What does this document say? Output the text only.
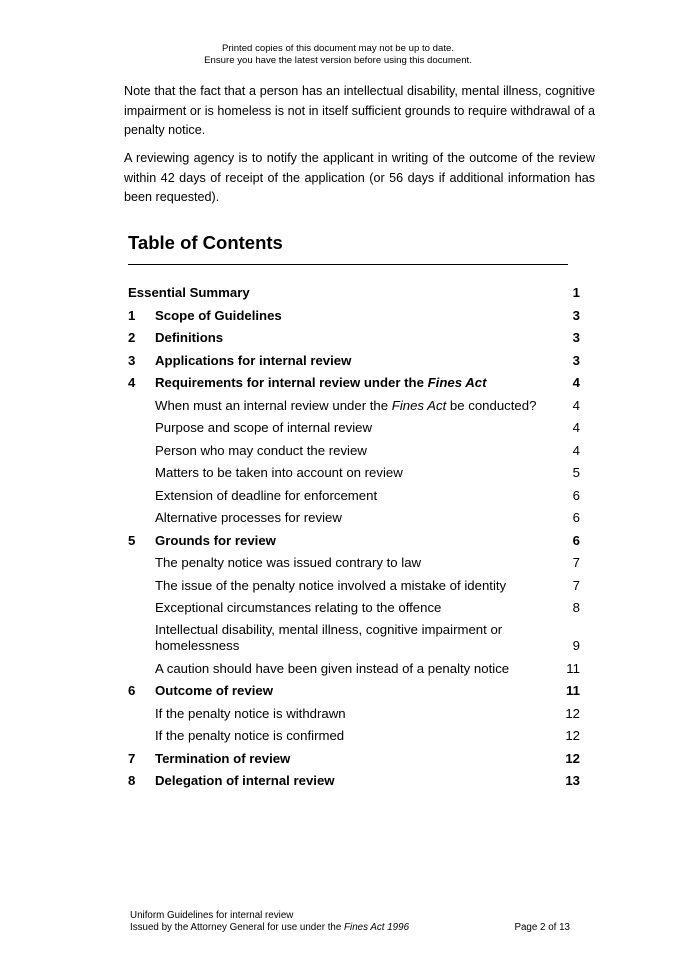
Printed copies of this document may not be up to date.
Ensure you have the latest version before using this document.
Note that the fact that a person has an intellectual disability, mental illness, cognitive impairment or is homeless is not in itself sufficient grounds to require withdrawal of a penalty notice.
A reviewing agency is to notify the applicant in writing of the outcome of the review within 42 days of receipt of the application (or 56 days if additional information has been requested).
Table of Contents
Essential Summary	1
1 Scope of Guidelines	3
2 Definitions	3
3 Applications for internal review	3
4 Requirements for internal review under the Fines Act	4
When must an internal review under the Fines Act be conducted?	4
Purpose and scope of internal review	4
Person who may conduct the review	4
Matters to be taken into account on review	5
Extension of deadline for enforcement	6
Alternative processes for review	6
5 Grounds for review	6
The penalty notice was issued contrary to law	7
The issue of the penalty notice involved a mistake of identity	7
Exceptional circumstances relating to the offence	8
Intellectual disability, mental illness, cognitive impairment or homelessness	9
A caution should have been given instead of a penalty notice	11
6 Outcome of review	11
If the penalty notice is withdrawn	12
If the penalty notice is confirmed	12
7 Termination of review	12
8 Delegation of internal review	13
Uniform Guidelines for internal review
Issued by the Attorney General for use under the Fines Act 1996	Page 2 of 13
